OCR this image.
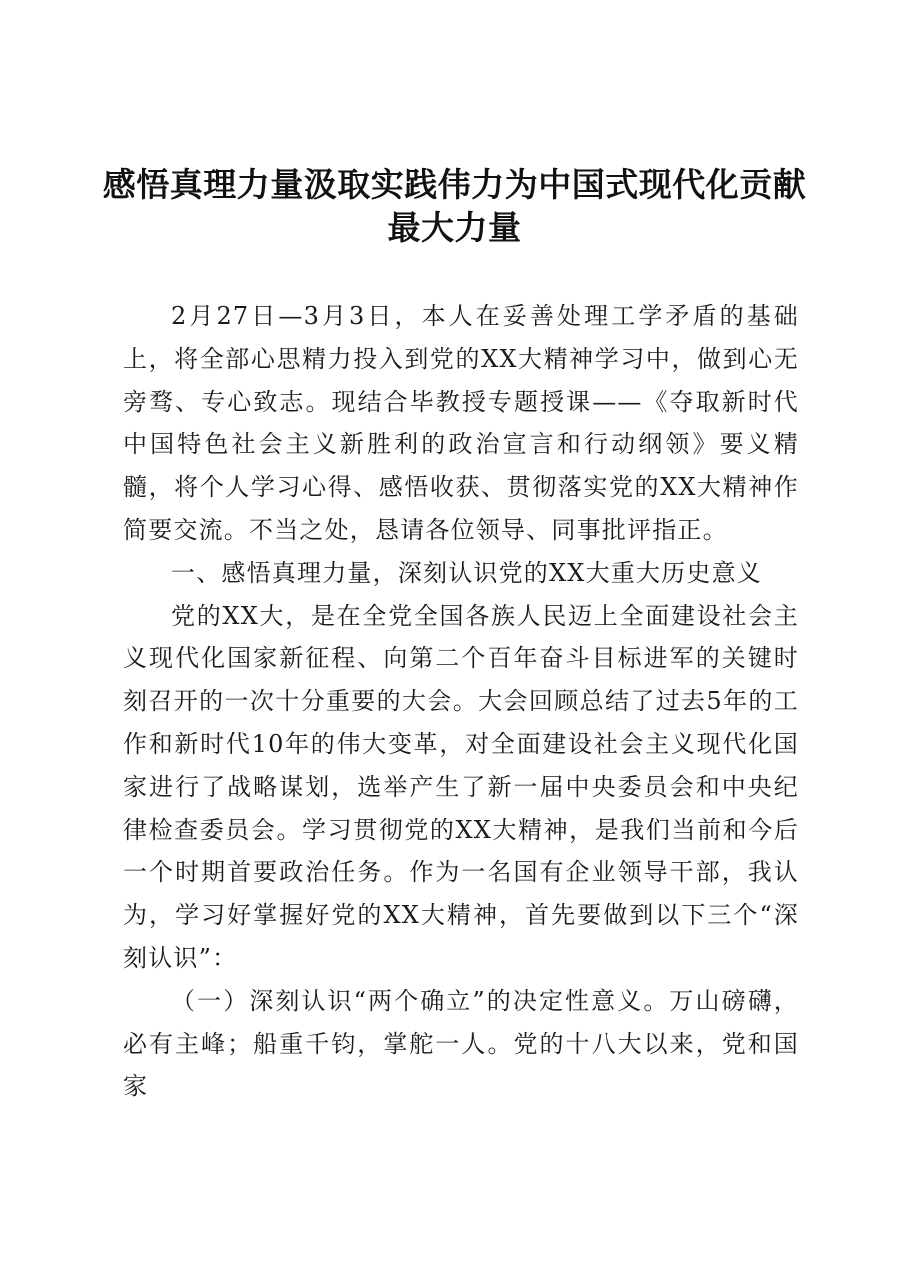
感悟真理力量汲取实践伟力为中国式现代化贡献最大力量

2月27日—3月3日，本人在妥善处理工学矛盾的基础上，将全部心思精力投入到党的XX大精神学习中，做到心无旁骛、专心致志。现结合毕教授专题授课——《夺取新时代中国特色社会主义新胜利的政治宣言和行动纲领》要义精髓，将个人学习心得、感悟收获、贯彻落实党的XX大精神作简要交流。不当之处，恳请各位领导、同事批评指正。

一、感悟真理力量，深刻认识党的XX大重大历史意义

党的XX大，是在全党全国各族人民迈上全面建设社会主义现代化国家新征程、向第二个百年奋斗目标进军的关键时刻召开的一次十分重要的大会。大会回顾总结了过去5年的工作和新时代10年的伟大变革，对全面建设社会主义现代化国家进行了战略谋划，选举产生了新一届中央委员会和中央纪律检查委员会。学习贯彻党的XX大精神，是我们当前和今后一个时期首要政治任务。作为一名国有企业领导干部，我认为，学习好掌握好党的XX大精神，首先要做到以下三个“深刻认识”：

（一）深刻认识“两个确立”的决定性意义。万山磅礴，必有主峰；船重千钧，掌舵一人。党的十八大以来，党和国家
